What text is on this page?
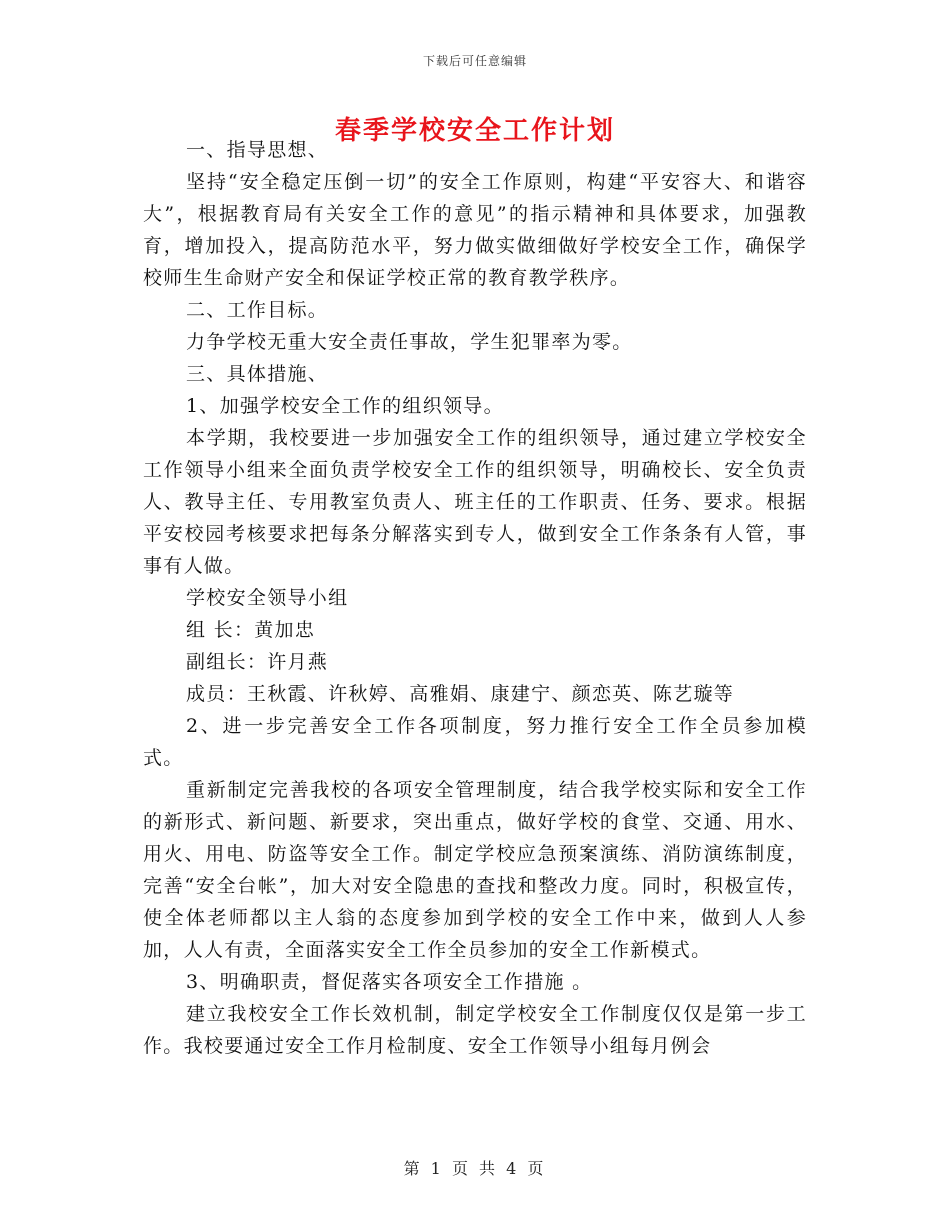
下载后可任意编辑
春季学校安全工作计划

一、指导思想、

坚持“安全稳定压倒一切”的安全工作原则，构建“平安容大、和谐容大”，根据教育局有关安全工作的意见”的指示精神和具体要求，加强教育，增加投入，提高防范水平，努力做实做细做好学校安全工作，确保学校师生生命财产安全和保证学校正常的教育教学秩序。

二、工作目标。

力争学校无重大安全责任事故，学生犯罪率为零。

三、具体措施、

1、加强学校安全工作的组织领导。

本学期，我校要进一步加强安全工作的组织领导，通过建立学校安全工作领导小组来全面负责学校安全工作的组织领导，明确校长、安全负责人、教导主任、专用教室负责人、班主任的工作职责、任务、要求。根据平安校园考核要求把每条分解落实到专人，做到安全工作条条有人管，事事有人做。

学校安全领导小组

组 长：黄加忠

副组长：许月燕

成员：王秋霞、许秋婷、高雅娟、康建宁、颜恋英、陈艺璇等

2、进一步完善安全工作各项制度，努力推行安全工作全员参加模式。

重新制定完善我校的各项安全管理制度，结合我学校实际和安全工作的新形式、新问题、新要求，突出重点，做好学校的食堂、交通、用水、用火、用电、防盗等安全工作。制定学校应急预案演练、消防演练制度，完善“安全台帐”，加大对安全隐患的查找和整改力度。同时，积极宣传，使全体老师都以主人翁的态度参加到学校的安全工作中来，做到人人参加，人人有责，全面落实安全工作全员参加的安全工作新模式。

3、明确职责，督促落实各项安全工作措施 。

建立我校安全工作长效机制，制定学校安全工作制度仅仅是第一步工作。我校要通过安全工作月检制度、安全工作领导小组每月例会

第 1 页 共 4 页
